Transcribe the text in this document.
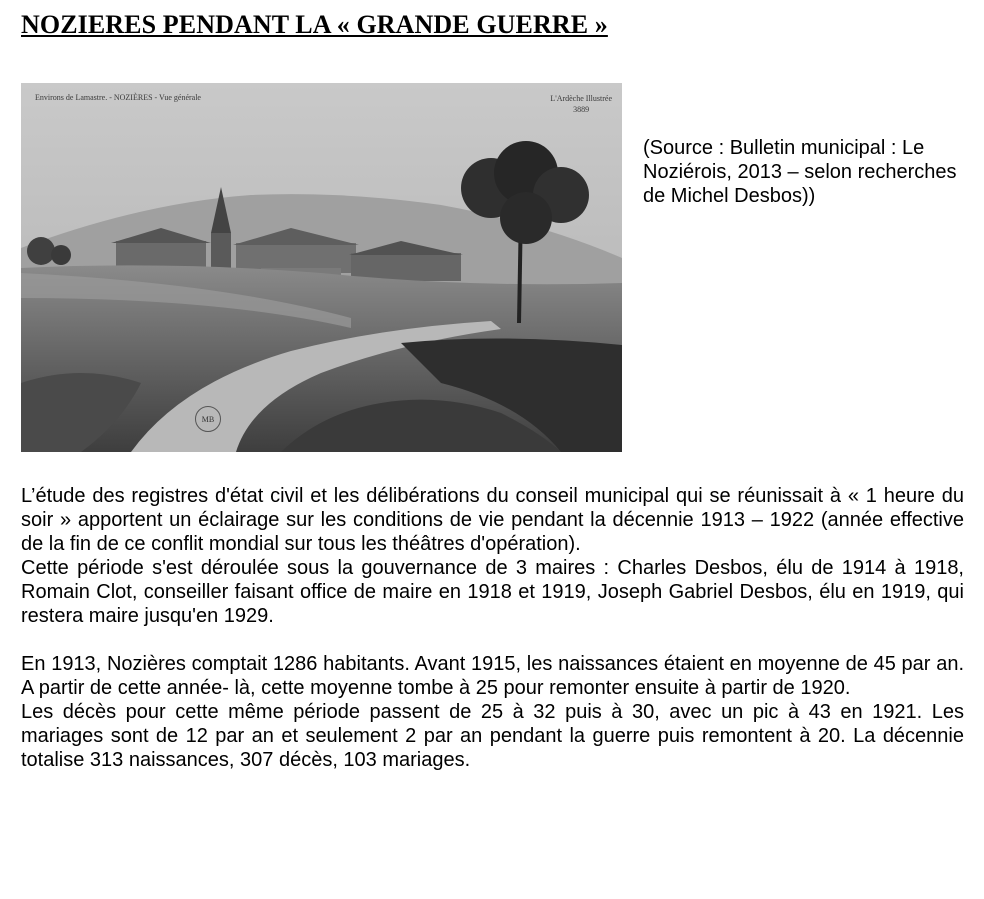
NOZIERES PENDANT LA « GRANDE GUERRE »
Environs de Lamastre. - NOZIÈRES - Vue générale	L'Ardèche Illustrée
3889
MB

(Source : Bulletin municipal : Le Noziérois, 2013 – selon recherches de Michel Desbos))

L’étude des registres d'état civil et les délibérations du conseil municipal qui se réunissait à « 1 heure du soir » apportent un éclairage sur les conditions de vie pendant la décennie 1913 – 1922 (année effective de la fin de ce conflit mondial sur tous les théâtres d'opération).

Cette période s'est déroulée sous la gouvernance de 3 maires : Charles Desbos, élu de 1914 à 1918, Romain Clot, conseiller faisant office de maire en 1918 et 1919, Joseph Gabriel Desbos, élu en 1919, qui restera maire jusqu'en 1929.

En 1913, Nozières comptait 1286 habitants. Avant 1915, les naissances étaient en moyenne de 45 par an. A partir de cette année- là, cette moyenne tombe à 25 pour remonter ensuite à partir de 1920.

Les décès pour cette même période passent de 25 à 32 puis à 30, avec un pic à 43 en 1921. Les mariages sont de 12 par an et seulement 2 par an pendant la guerre puis remontent à 20. La décennie totalise 313 naissances, 307 décès, 103 mariages.
